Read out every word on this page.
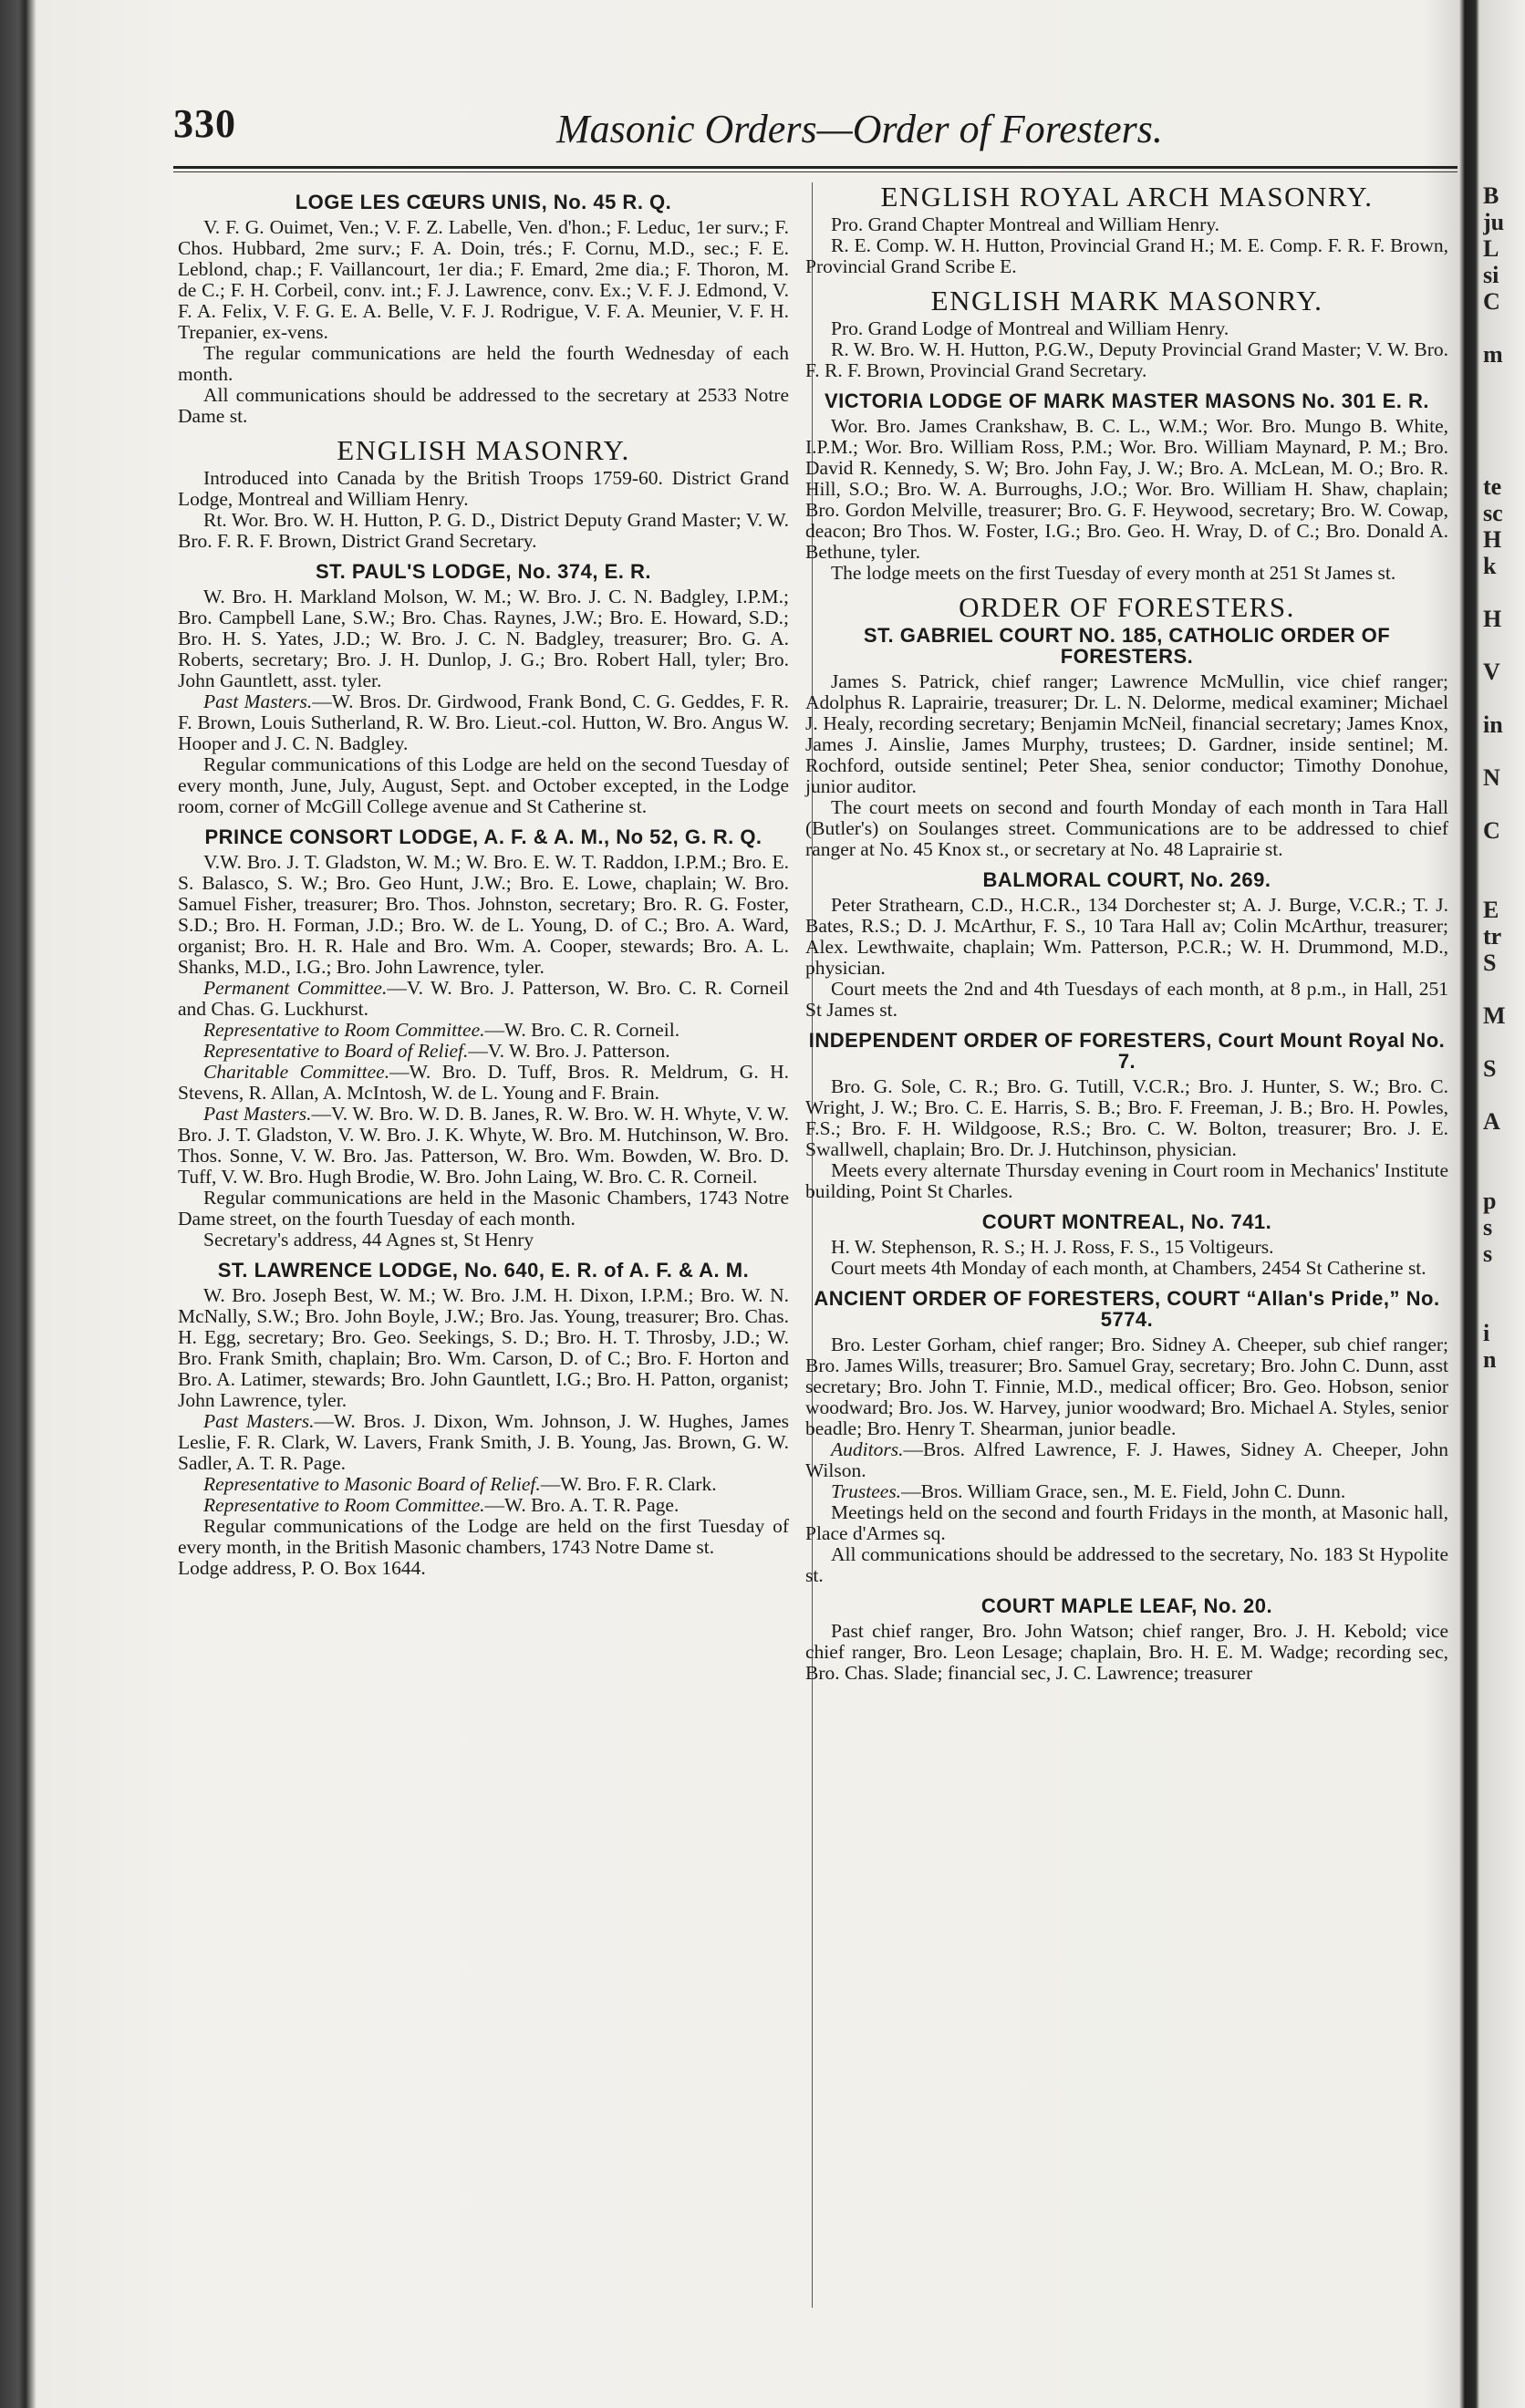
330	Masonic Orders—Order of Foresters.
LOGE LES CŒURS UNIS, No. 45 R. Q.

V. F. G. Ouimet, Ven.; V. F. Z. Labelle, Ven. d'hon.; F. Leduc, 1er surv.; F. Chos. Hubbard, 2me surv.; F. A. Doin, trés.; F. Cornu, M.D., sec.; F. E. Leblond, chap.; F. Vaillancourt, 1er dia.; F. Emard, 2me dia.; F. Thoron, M. de C.; F. H. Corbeil, conv. int.; F. J. Lawrence, conv. Ex.; V. F. J. Edmond, V. F. A. Felix, V. F. G. E. A. Belle, V. F. J. Rodrigue, V. F. A. Meunier, V. F. H. Trepanier, ex-vens.

The regular communications are held the fourth Wednesday of each month.

All communications should be addressed to the secretary at 2533 Notre Dame st.

ENGLISH MASONRY.

Introduced into Canada by the British Troops 1759-60. District Grand Lodge, Montreal and William Henry.

Rt. Wor. Bro. W. H. Hutton, P. G. D., District Deputy Grand Master; V. W. Bro. F. R. F. Brown, District Grand Secretary.

ST. PAUL'S LODGE, No. 374, E. R.

W. Bro. H. Markland Molson, W. M.; W. Bro. J. C. N. Badgley, I.P.M.; Bro. Campbell Lane, S.W.; Bro. Chas. Raynes, J.W.; Bro. E. Howard, S.D.; Bro. H. S. Yates, J.D.; W. Bro. J. C. N. Badgley, treasurer; Bro. G. A. Roberts, secretary; Bro. J. H. Dunlop, J. G.; Bro. Robert Hall, tyler; Bro. John Gauntlett, asst. tyler.

Past Masters.—W. Bros. Dr. Girdwood, Frank Bond, C. G. Geddes, F. R. F. Brown, Louis Sutherland, R. W. Bro. Lieut.-col. Hutton, W. Bro. Angus W. Hooper and J. C. N. Badgley.

Regular communications of this Lodge are held on the second Tuesday of every month, June, July, August, Sept. and October excepted, in the Lodge room, corner of McGill College avenue and St Catherine st.

PRINCE CONSORT LODGE, A. F. & A. M., No 52, G. R. Q.

V.W. Bro. J. T. Gladston, W. M.; W. Bro. E. W. T. Raddon, I.P.M.; Bro. E. S. Balasco, S. W.; Bro. Geo Hunt, J.W.; Bro. E. Lowe, chaplain; W. Bro. Samuel Fisher, treasurer; Bro. Thos. Johnston, secretary; Bro. R. G. Foster, S.D.; Bro. H. Forman, J.D.; Bro. W. de L. Young, D. of C.; Bro. A. Ward, organist; Bro. H. R. Hale and Bro. Wm. A. Cooper, stewards; Bro. A. L. Shanks, M.D., I.G.; Bro. John Lawrence, tyler.

Permanent Committee.—V. W. Bro. J. Patterson, W. Bro. C. R. Corneil and Chas. G. Luckhurst.

Representative to Room Committee.—W. Bro. C. R. Corneil.

Representative to Board of Relief.—V. W. Bro. J. Patterson.

Charitable Committee.—W. Bro. D. Tuff, Bros. R. Meldrum, G. H. Stevens, R. Allan, A. McIntosh, W. de L. Young and F. Brain.

Past Masters.—V. W. Bro. W. D. B. Janes, R. W. Bro. W. H. Whyte, V. W. Bro. J. T. Gladston, V. W. Bro. J. K. Whyte, W. Bro. M. Hutchinson, W. Bro. Thos. Sonne, V. W. Bro. Jas. Patterson, W. Bro. Wm. Bowden, W. Bro. D. Tuff, V. W. Bro. Hugh Brodie, W. Bro. John Laing, W. Bro. C. R. Corneil.

Regular communications are held in the Masonic Chambers, 1743 Notre Dame street, on the fourth Tuesday of each month.

Secretary's address, 44 Agnes st, St Henry

ST. LAWRENCE LODGE, No. 640, E. R. of A. F. & A. M.

W. Bro. Joseph Best, W. M.; W. Bro. J.M. H. Dixon, I.P.M.; Bro. W. N. McNally, S.W.; Bro. John Boyle, J.W.; Bro. Jas. Young, treasurer; Bro. Chas. H. Egg, secretary; Bro. Geo. Seekings, S. D.; Bro. H. T. Throsby, J.D.; W. Bro. Frank Smith, chaplain; Bro. Wm. Carson, D. of C.; Bro. F. Horton and Bro. A. Latimer, stewards; Bro. John Gauntlett, I.G.; Bro. H. Patton, organist; John Lawrence, tyler.

Past Masters.—W. Bros. J. Dixon, Wm. Johnson, J. W. Hughes, James Leslie, F. R. Clark, W. Lavers, Frank Smith, J. B. Young, Jas. Brown, G. W. Sadler, A. T. R. Page.

Representative to Masonic Board of Relief.—W. Bro. F. R. Clark.

Representative to Room Committee.—W. Bro. A. T. R. Page.

Regular communications of the Lodge are held on the first Tuesday of every month, in the British Masonic chambers, 1743 Notre Dame st.

Lodge address, P. O. Box 1644.

ENGLISH ROYAL ARCH MASONRY.

Pro. Grand Chapter Montreal and William Henry.

R. E. Comp. W. H. Hutton, Provincial Grand H.; M. E. Comp. F. R. F. Brown, Provincial Grand Scribe E.

ENGLISH MARK MASONRY.

Pro. Grand Lodge of Montreal and William Henry.

R. W. Bro. W. H. Hutton, P.G.W., Deputy Provincial Grand Master; V. W. Bro. F. R. F. Brown, Provincial Grand Secretary.

VICTORIA LODGE OF MARK MASTER MASONS No. 301 E. R.

Wor. Bro. James Crankshaw, B. C. L., W.M.; Wor. Bro. Mungo B. White, I.P.M.; Wor. Bro. William Ross, P.M.; Wor. Bro. William Maynard, P. M.; Bro. David R. Kennedy, S. W; Bro. John Fay, J. W.; Bro. A. McLean, M. O.; Bro. R. Hill, S.O.; Bro. W. A. Burroughs, J.O.; Wor. Bro. William H. Shaw, chaplain; Bro. Gordon Melville, treasurer; Bro. G. F. Heywood, secretary; Bro. W. Cowap, deacon; Bro Thos. W. Foster, I.G.; Bro. Geo. H. Wray, D. of C.; Bro. Donald A. Bethune, tyler.

The lodge meets on the first Tuesday of every month at 251 St James st.

ORDER OF FORESTERS.
ST. GABRIEL COURT NO. 185, CATHOLIC ORDER OF FORESTERS.

James S. Patrick, chief ranger; Lawrence McMullin, vice chief ranger; Adolphus R. Laprairie, treasurer; Dr. L. N. Delorme, medical examiner; Michael J. Healy, recording secretary; Benjamin McNeil, financial secretary; James Knox, James J. Ainslie, James Murphy, trustees; D. Gardner, inside sentinel; M. Rochford, outside sentinel; Peter Shea, senior conductor; Timothy Donohue, junior auditor.

The court meets on second and fourth Monday of each month in Tara Hall (Butler's) on Soulanges street. Communications are to be addressed to chief ranger at No. 45 Knox st., or secretary at No. 48 Laprairie st.

BALMORAL COURT, No. 269.

Peter Strathearn, C.D., H.C.R., 134 Dorchester st; A. J. Burge, V.C.R.; T. J. Bates, R.S.; D. J. McArthur, F. S., 10 Tara Hall av; Colin McArthur, treasurer; Alex. Lewthwaite, chaplain; Wm. Patterson, P.C.R.; W. H. Drummond, M.D., physician.

Court meets the 2nd and 4th Tuesdays of each month, at 8 p.m., in Hall, 251 St James st.

INDEPENDENT ORDER OF FORESTERS, Court Mount Royal No. 7.

Bro. G. Sole, C. R.; Bro. G. Tutill, V.C.R.; Bro. J. Hunter, S. W.; Bro. C. Wright, J. W.; Bro. C. E. Harris, S. B.; Bro. F. Freeman, J. B.; Bro. H. Powles, F.S.; Bro. F. H. Wildgoose, R.S.; Bro. C. W. Bolton, treasurer; Bro. J. E. Swallwell, chaplain; Bro. Dr. J. Hutchinson, physician.

Meets every alternate Thursday evening in Court room in Mechanics' Institute building, Point St Charles.

COURT MONTREAL, No. 741.

H. W. Stephenson, R. S.; H. J. Ross, F. S., 15 Voltigeurs.

Court meets 4th Monday of each month, at Chambers, 2454 St Catherine st.

ANCIENT ORDER OF FORESTERS, COURT “Allan's Pride,” No. 5774.

Bro. Lester Gorham, chief ranger; Bro. Sidney A. Cheeper, sub chief ranger; Bro. James Wills, treasurer; Bro. Samuel Gray, secretary; Bro. John C. Dunn, asst secretary; Bro. John T. Finnie, M.D., medical officer; Bro. Geo. Hobson, senior woodward; Bro. Jos. W. Harvey, junior woodward; Bro. Michael A. Styles, senior beadle; Bro. Henry T. Shearman, junior beadle.

Auditors.—Bros. Alfred Lawrence, F. J. Hawes, Sidney A. Cheeper, John Wilson.

Trustees.—Bros. William Grace, sen., M. E. Field, John C. Dunn.

Meetings held on the second and fourth Fridays in the month, at Masonic hall, Place d'Armes sq.

All communications should be addressed to the secretary, No. 183 St Hypolite st.

COURT MAPLE LEAF, No. 20.

Past chief ranger, Bro. John Watson; chief ranger, Bro. J. H. Kebold; vice chief ranger, Bro. Leon Lesage; chaplain, Bro. H. E. M. Wadge; recording sec, Bro. Chas. Slade; financial sec, J. C. Lawrence; treasurer

B
ju
L
si
C

m

te
sc
H
k

H

V

in

N

C

E
tr
S

M

S

A

p
s
s

i
n
